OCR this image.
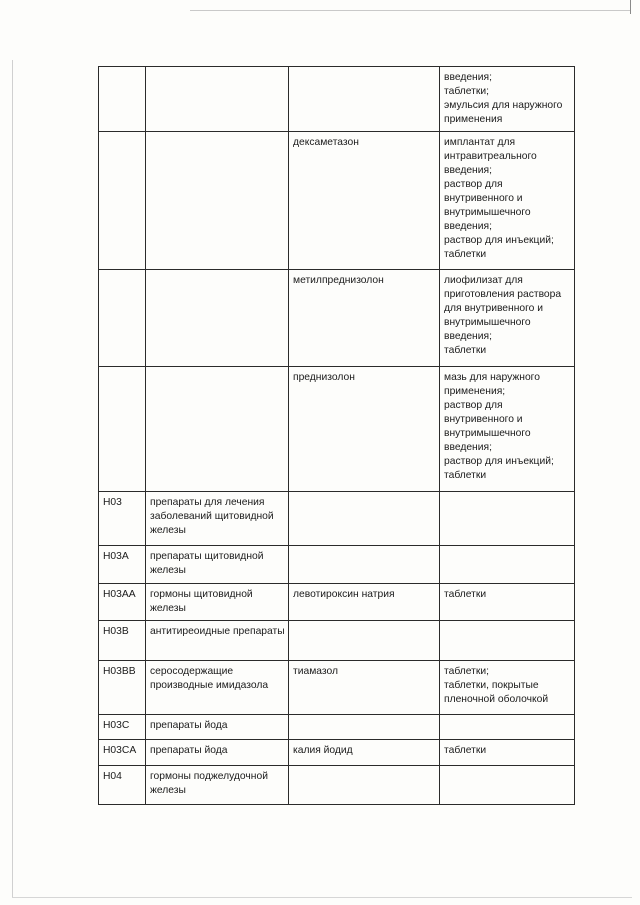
			введения;
таблетки;
эмульсия для наружного применения
		дексаметазон	имплантат для интравитреального введения;
раствор для внутривенного и внутримышечного введения;
раствор для инъекций;
таблетки
		метилпреднизолон	лиофилизат для приготовления раствора для внутривенного и внутримышечного введения;
таблетки
		преднизолон	мазь для наружного применения;
раствор для внутривенного и внутримышечного введения;
раствор для инъекций;
таблетки
H03	препараты для лечения заболеваний щитовидной железы		
H03A	препараты щитовидной железы		
H03AA	гормоны щитовидной железы	левотироксин натрия	таблетки
H03B	антитиреоидные препараты		
H03BB	серосодержащие производные имидазола	тиамазол	таблетки;
таблетки, покрытые пленочной оболочкой
H03C	препараты йода		
H03CA	препараты йода	калия йодид	таблетки
H04	гормоны поджелудочной железы		
